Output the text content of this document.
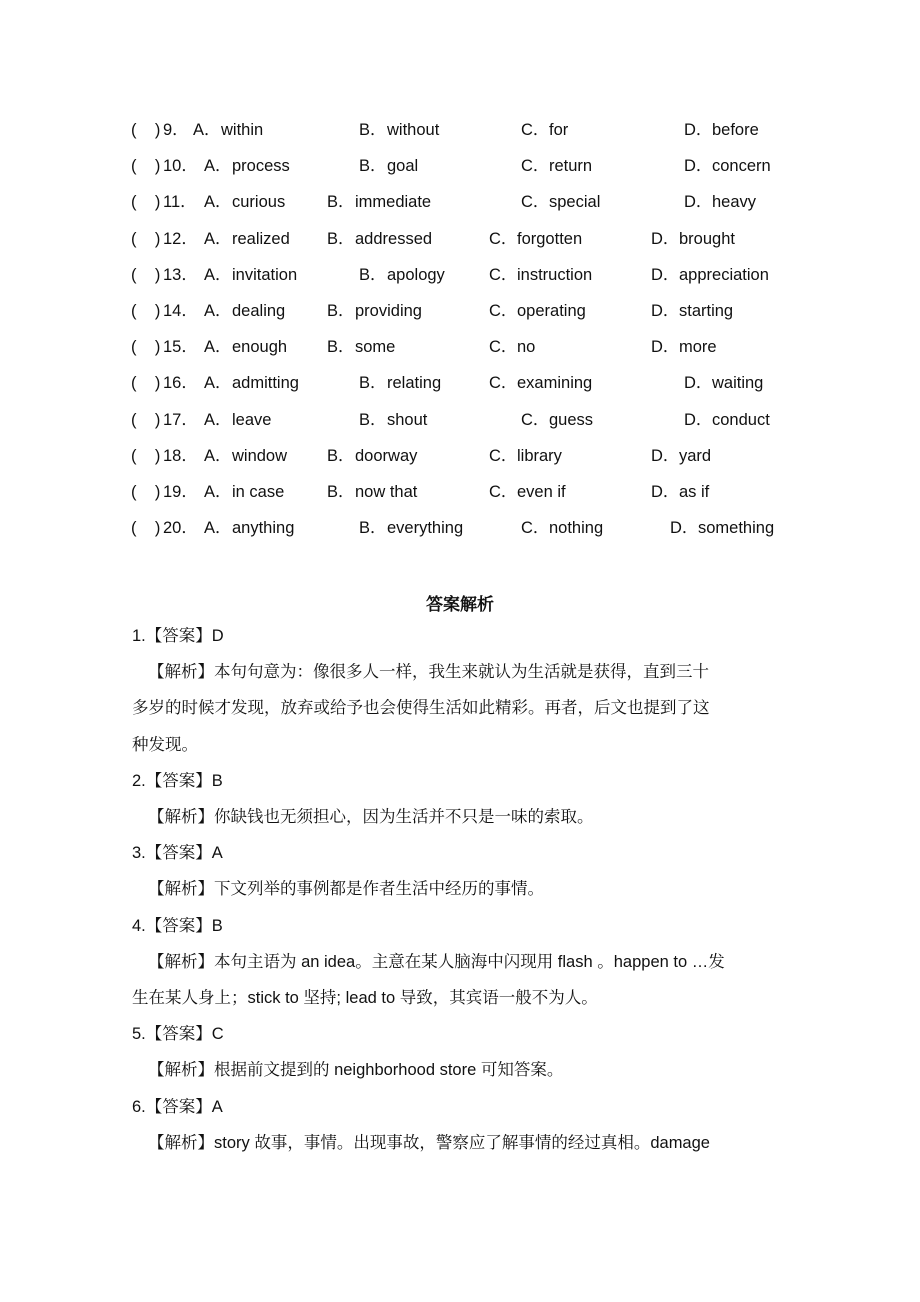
(    ) 9． A． within	B． without	C． for	D． before
(    ) 10． A． process	B． goal	C． return	D． concern
(    ) 11． A． curious	B． immediate	C． special	D． heavy
(    ) 12． A． realized B． addressed	C． forgotten	D． brought
(    ) 13． A． invitation	B． apology	C． instruction	D． appreciation
(    ) 14． A． dealing	B． providing	C． operating	D． starting
(    ) 15． A． enough B． some	C． no	D． more
(    ) 16． A． admitting	B． relating	C． examining	D． waiting
(    ) 17． A． leave	B． shout	C． guess	D． conduct
(    ) 18． A． window B． doorway	C． library	D． yard
(    ) 19． A． in case	B． now that	C． even if	D． as if
(    ) 20． A． anything	B． everything	C． nothing	D． something
答案解析
1.【答案】D
【解析】本句句意为：像很多人一样，我生来就认为生活就是获得，直到三十
多岁的时候才发现，放弃或给予也会使得生活如此精彩。再者，后文也提到了这
种发现。
2.【答案】B
【解析】你缺钱也无须担心，因为生活并不只是一味的索取。
3.【答案】A
【解析】下文列举的事例都是作者生活中经历的事情。
4.【答案】B
【解析】本句主语为 an idea。主意在某人脑海中闪现用 flash 。happen to …发
生在某人身上；stick to 坚持; lead to 导致，其宾语一般不为人。
5.【答案】C
【解析】根据前文提到的 neighborhood store 可知答案。
6.【答案】A
【解析】story 故事，事情。出现事故，警察应了解事情的经过真相。damage
